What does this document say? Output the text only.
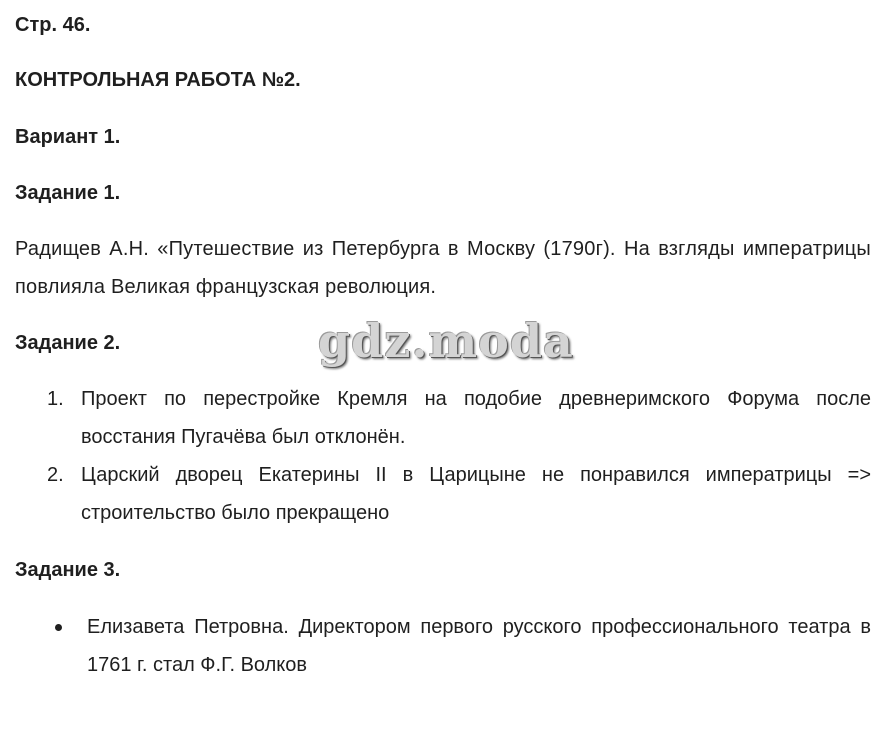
Стр. 46.
КОНТРОЛЬНАЯ РАБОТА №2.
Вариант 1.
Задание 1.
Радищев А.Н. «Путешествие из Петербурга в Москву (1790г). На взгляды императрицы повлияла Великая французская революция.
Задание 2.
1. Проект по перестройке Кремля на подобие древнеримского Форума после восстания Пугачёва был отклонён.
2. Царский дворец Екатерины II в Царицыне не понравился императрицы => строительство было прекращено
Задание 3.
Елизавета Петровна. Директором первого русского профессионального театра в 1761 г. стал Ф.Г. Волков
gdz.moda
